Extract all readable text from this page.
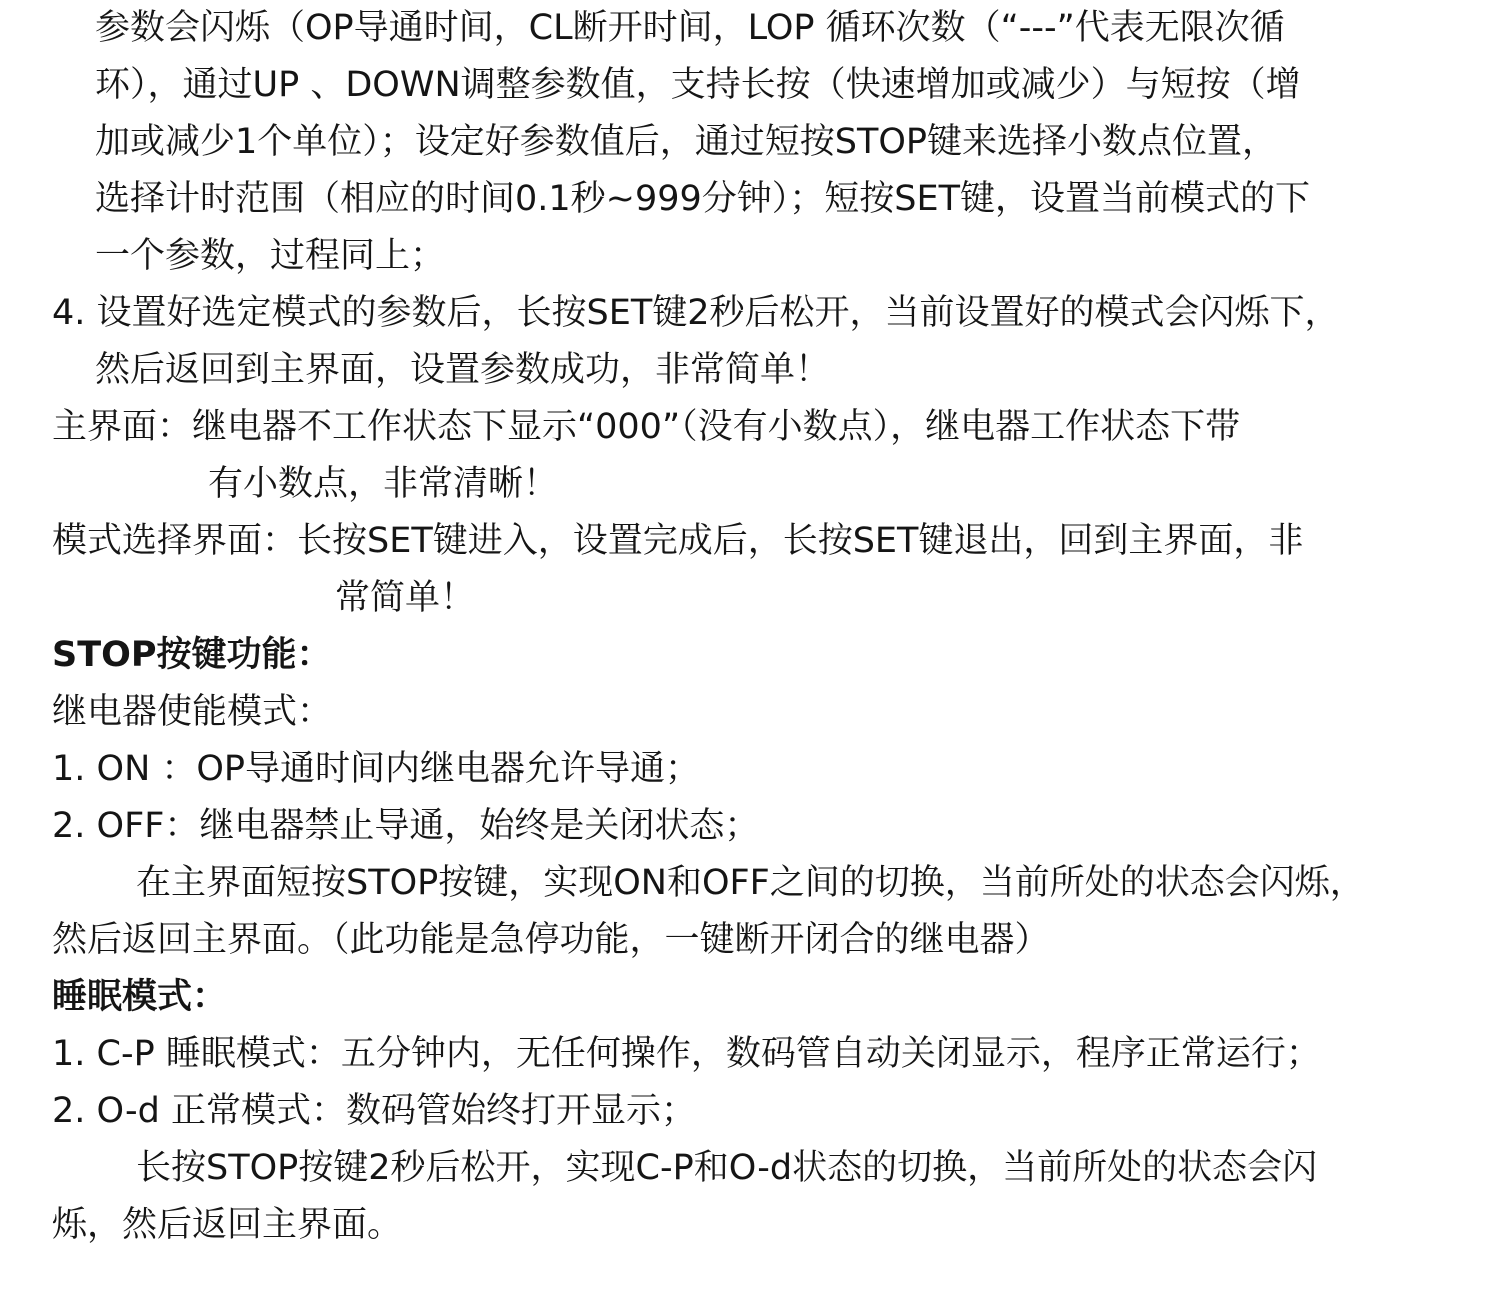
参数会闪烁（OP导通时间，CL断开时间，LOP 循环次数（“---”代表无限次循
环），通过UP 、DOWN调整参数值，支持长按（快速增加或减少）与短按（增
加或减少1个单位）；设定好参数值后，通过短按STOP键来选择小数点位置，
选择计时范围（相应的时间0.1秒~999分钟）；短按SET键，设置当前模式的下
一个参数，过程同上；
4. 设置好选定模式的参数后，长按SET键2秒后松开，当前设置好的模式会闪烁下，
然后返回到主界面，设置参数成功，非常简单！
主界面：继电器不工作状态下显示“000”（没有小数点），继电器工作状态下带
有小数点，非常清晰！
模式选择界面：长按SET键进入，设置完成后，长按SET键退出，回到主界面，非
常简单！
STOP按键功能：
继电器使能模式：
1. ON ：OP导通时间内继电器允许导通；
2. OFF：继电器禁止导通，始终是关闭状态；
在主界面短按STOP按键，实现ON和OFF之间的切换，当前所处的状态会闪烁，
然后返回主界面。（此功能是急停功能，一键断开闭合的继电器）
睡眠模式：
1. C-P 睡眠模式：五分钟内，无任何操作，数码管自动关闭显示，程序正常运行；
2. O-d 正常模式：数码管始终打开显示；
长按STOP按键2秒后松开，实现C-P和O-d状态的切换，当前所处的状态会闪
烁，然后返回主界面。
